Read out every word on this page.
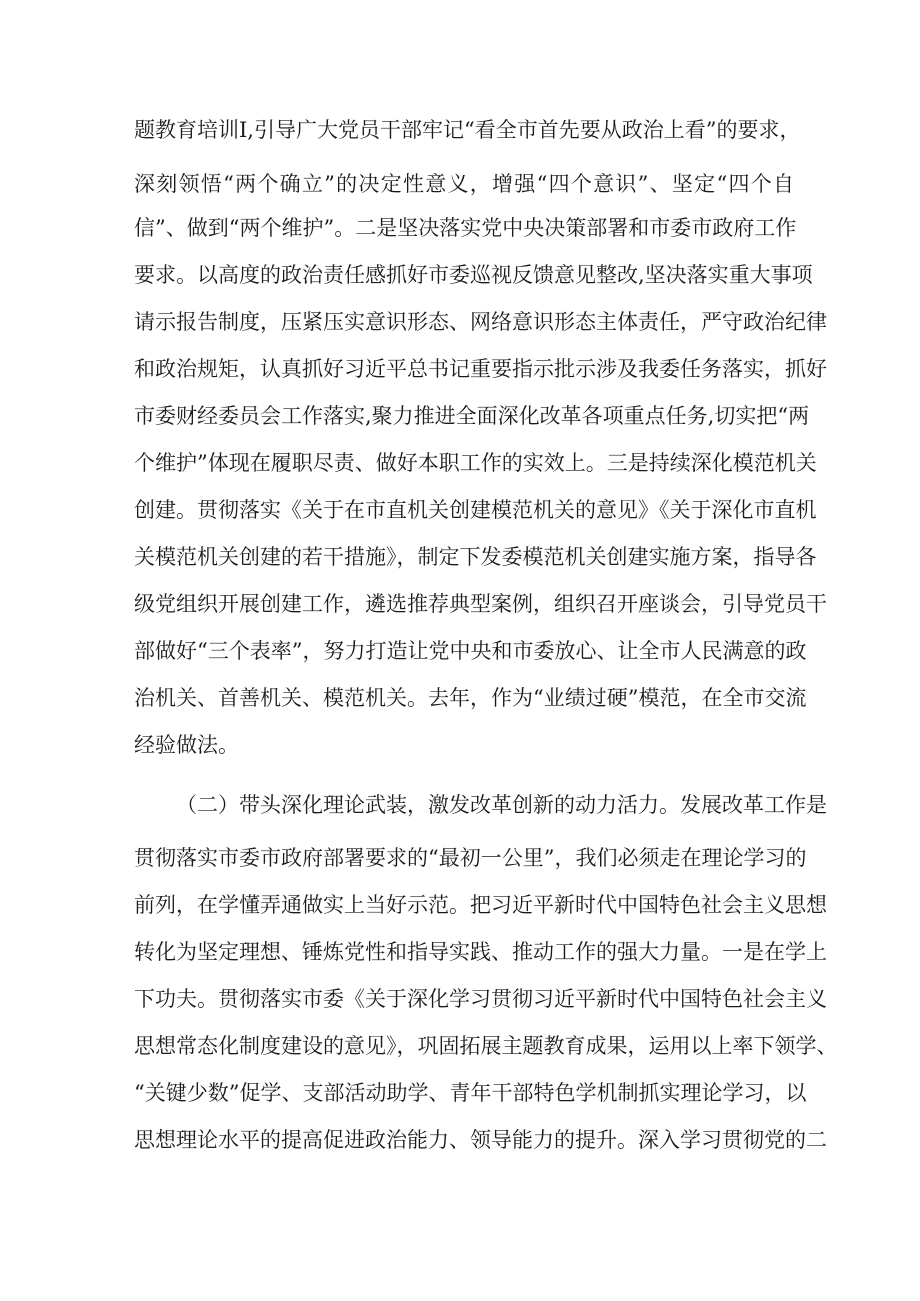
题教育培训I,引导广大党员干部牢记“看全市首先要从政治上看”的要求，
深刻领悟“两个确立”的决定性意义，增强“四个意识”、坚定“四个自
信”、做到“两个维护”。二是坚决落实党中央决策部署和市委市政府工作
要求。以高度的政治责任感抓好市委巡视反馈意见整改,坚决落实重大事项
请示报告制度，压紧压实意识形态、网络意识形态主体责任，严守政治纪律
和政治规矩，认真抓好习近平总书记重要指示批示涉及我委任务落实，抓好
市委财经委员会工作落实,聚力推进全面深化改革各项重点任务,切实把“两
个维护”体现在履职尽责、做好本职工作的实效上。三是持续深化模范机关
创建。贯彻落实《关于在市直机关创建模范机关的意见》《关于深化市直机
关模范机关创建的若干措施》，制定下发委模范机关创建实施方案，指导各
级党组织开展创建工作，遴选推荐典型案例，组织召开座谈会，引导党员干
部做好“三个表率”，努力打造让党中央和市委放心、让全市人民满意的政
治机关、首善机关、模范机关。去年，作为“业绩过硬”模范，在全市交流
经验做法。
（二）带头深化理论武装，激发改革创新的动力活力。发展改革工作是
贯彻落实市委市政府部署要求的“最初一公里”，我们必须走在理论学习的
前列，在学懂弄通做实上当好示范。把习近平新时代中国特色社会主义思想
转化为坚定理想、锤炼党性和指导实践、推动工作的强大力量。一是在学上
下功夫。贯彻落实市委《关于深化学习贯彻习近平新时代中国特色社会主义
思想常态化制度建设的意见》，巩固拓展主题教育成果，运用以上率下领学、
“关键少数”促学、支部活动助学、青年干部特色学机制抓实理论学习，以
思想理论水平的提高促进政治能力、领导能力的提升。深入学习贯彻党的二
